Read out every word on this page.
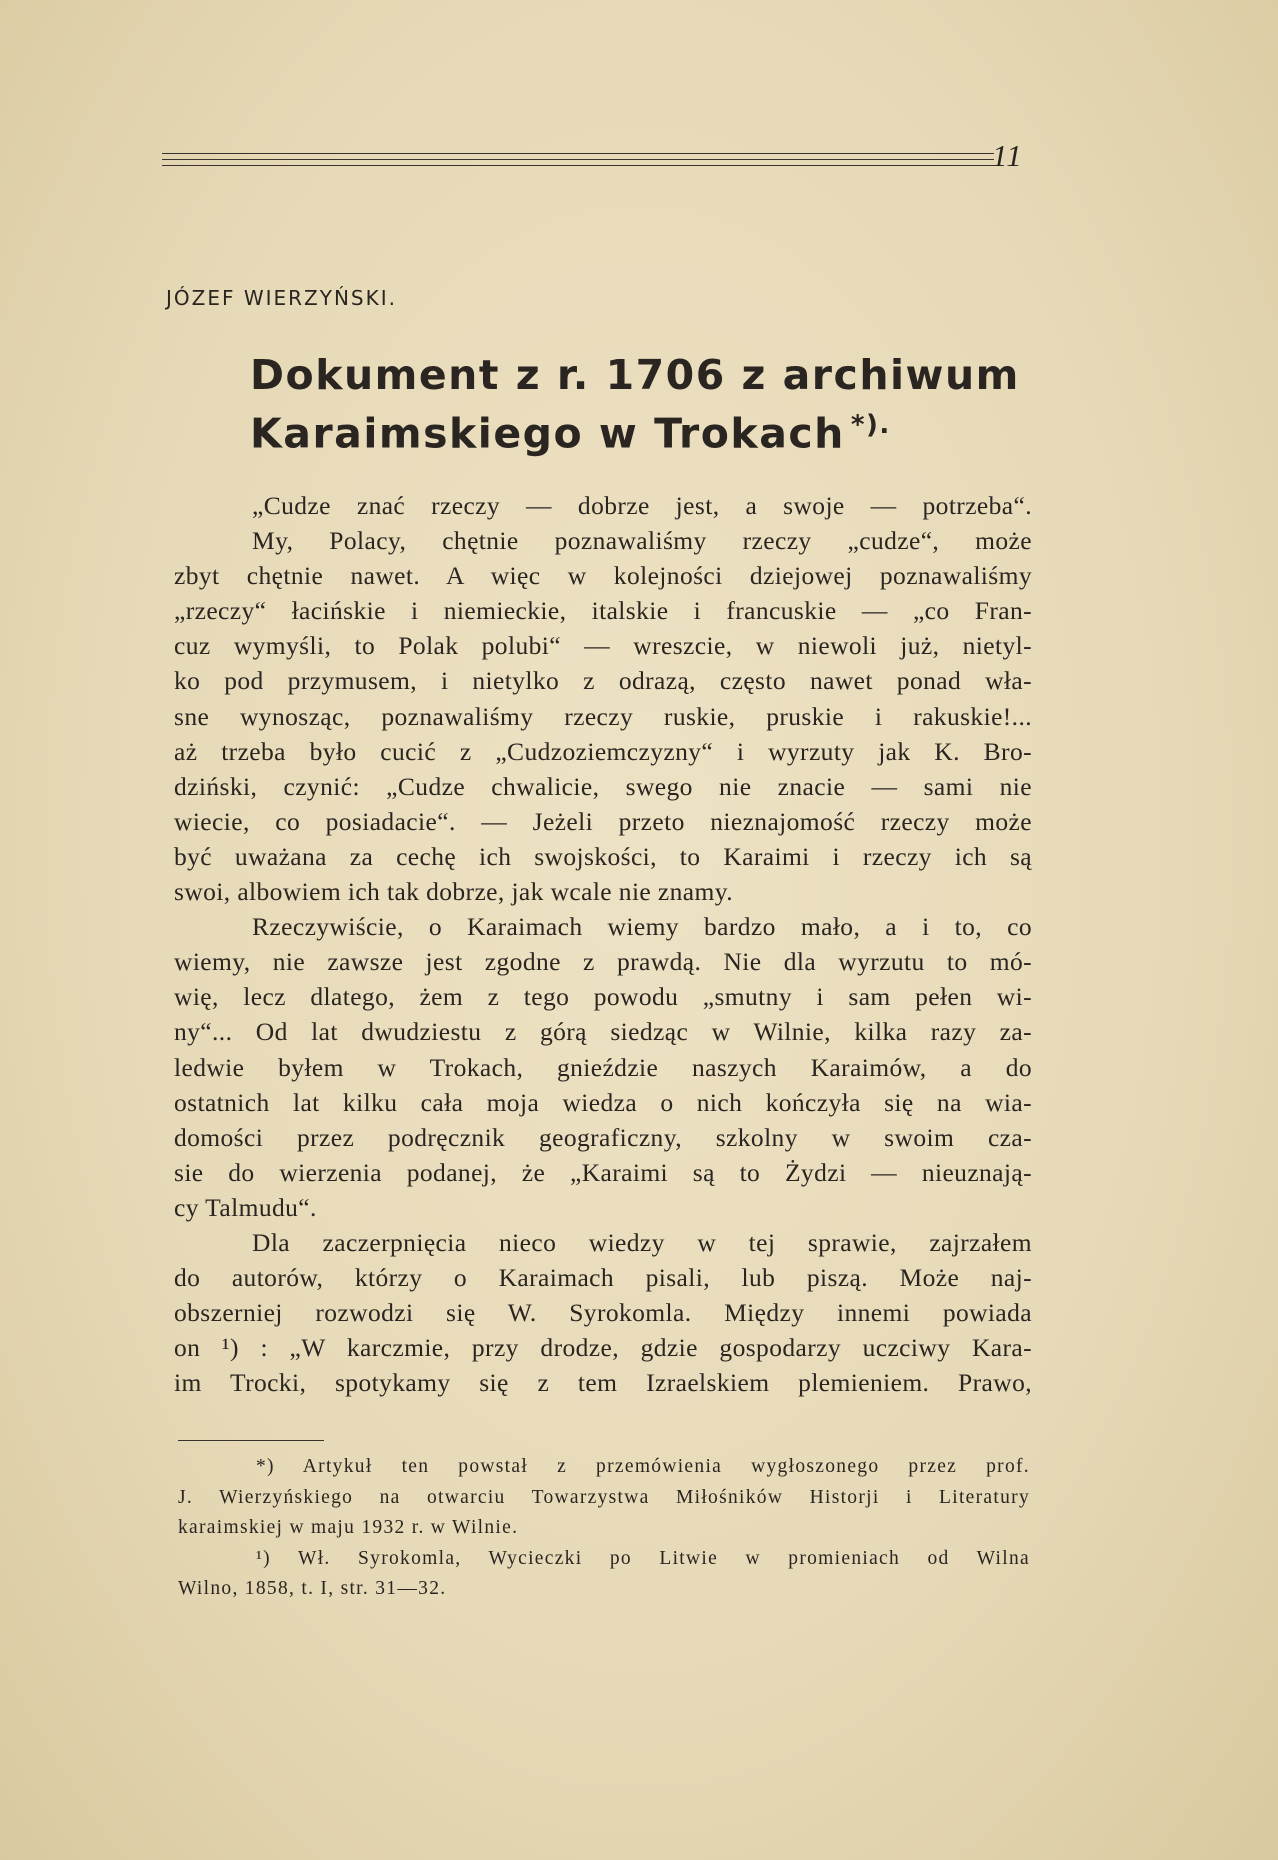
11
JÓZEF WIERZYŃSKI.
Dokument z r. 1706 z archiwum
Karaimskiego w Trokach *).
„Cudze znać rzeczy — dobrze jest, a swoje — potrzeba“.
My, Polacy, chętnie poznawaliśmy rzeczy „cudze“, może
zbyt chętnie nawet. A więc w kolejności dziejowej poznawaliśmy
„rzeczy“ łacińskie i niemieckie, italskie i francuskie — „co Fran-
cuz wymyśli, to Polak polubi“ — wreszcie, w niewoli już, nietyl-
ko pod przymusem, i nietylko z odrazą, często nawet ponad wła-
sne wynosząc, poznawaliśmy rzeczy ruskie, pruskie i rakuskie!...
aż trzeba było cucić z „Cudzoziemczyzny“ i wyrzuty jak K. Bro-
dziński, czynić: „Cudze chwalicie, swego nie znacie — sami nie
wiecie, co posiadacie“. — Jeżeli przeto nieznajomość rzeczy może
być uważana za cechę ich swojskości, to Karaimi i rzeczy ich są
swoi, albowiem ich tak dobrze, jak wcale nie znamy.
Rzeczywiście, o Karaimach wiemy bardzo mało, a i to, co
wiemy, nie zawsze jest zgodne z prawdą. Nie dla wyrzutu to mó-
wię, lecz dlatego, żem z tego powodu „smutny i sam pełen wi-
ny“... Od lat dwudziestu z górą siedząc w Wilnie, kilka razy za-
ledwie byłem w Trokach, gnieździe naszych Karaimów, a do
ostatnich lat kilku cała moja wiedza o nich kończyła się na wia-
domości przez podręcznik geograficzny, szkolny w swoim cza-
sie do wierzenia podanej, że „Karaimi są to Żydzi — nieuznają-
cy Talmudu“.
Dla zaczerpnięcia nieco wiedzy w tej sprawie, zajrzałem
do autorów, którzy o Karaimach pisali, lub piszą. Może naj-
obszerniej rozwodzi się W. Syrokomla. Między innemi powiada
on ¹) : „W karczmie, przy drodze, gdzie gospodarzy uczciwy Kara-
im Trocki, spotykamy się z tem Izraelskiem plemieniem. Prawo,
*) Artykuł ten powstał z przemówienia wygłoszonego przez prof.
J. Wierzyńskiego na otwarciu Towarzystwa Miłośników Historji i Literatury
karaimskiej w maju 1932 r. w Wilnie.
¹) Wł. Syrokomla, Wycieczki po Litwie w promieniach od Wilna
Wilno, 1858, t. I, str. 31—32.
